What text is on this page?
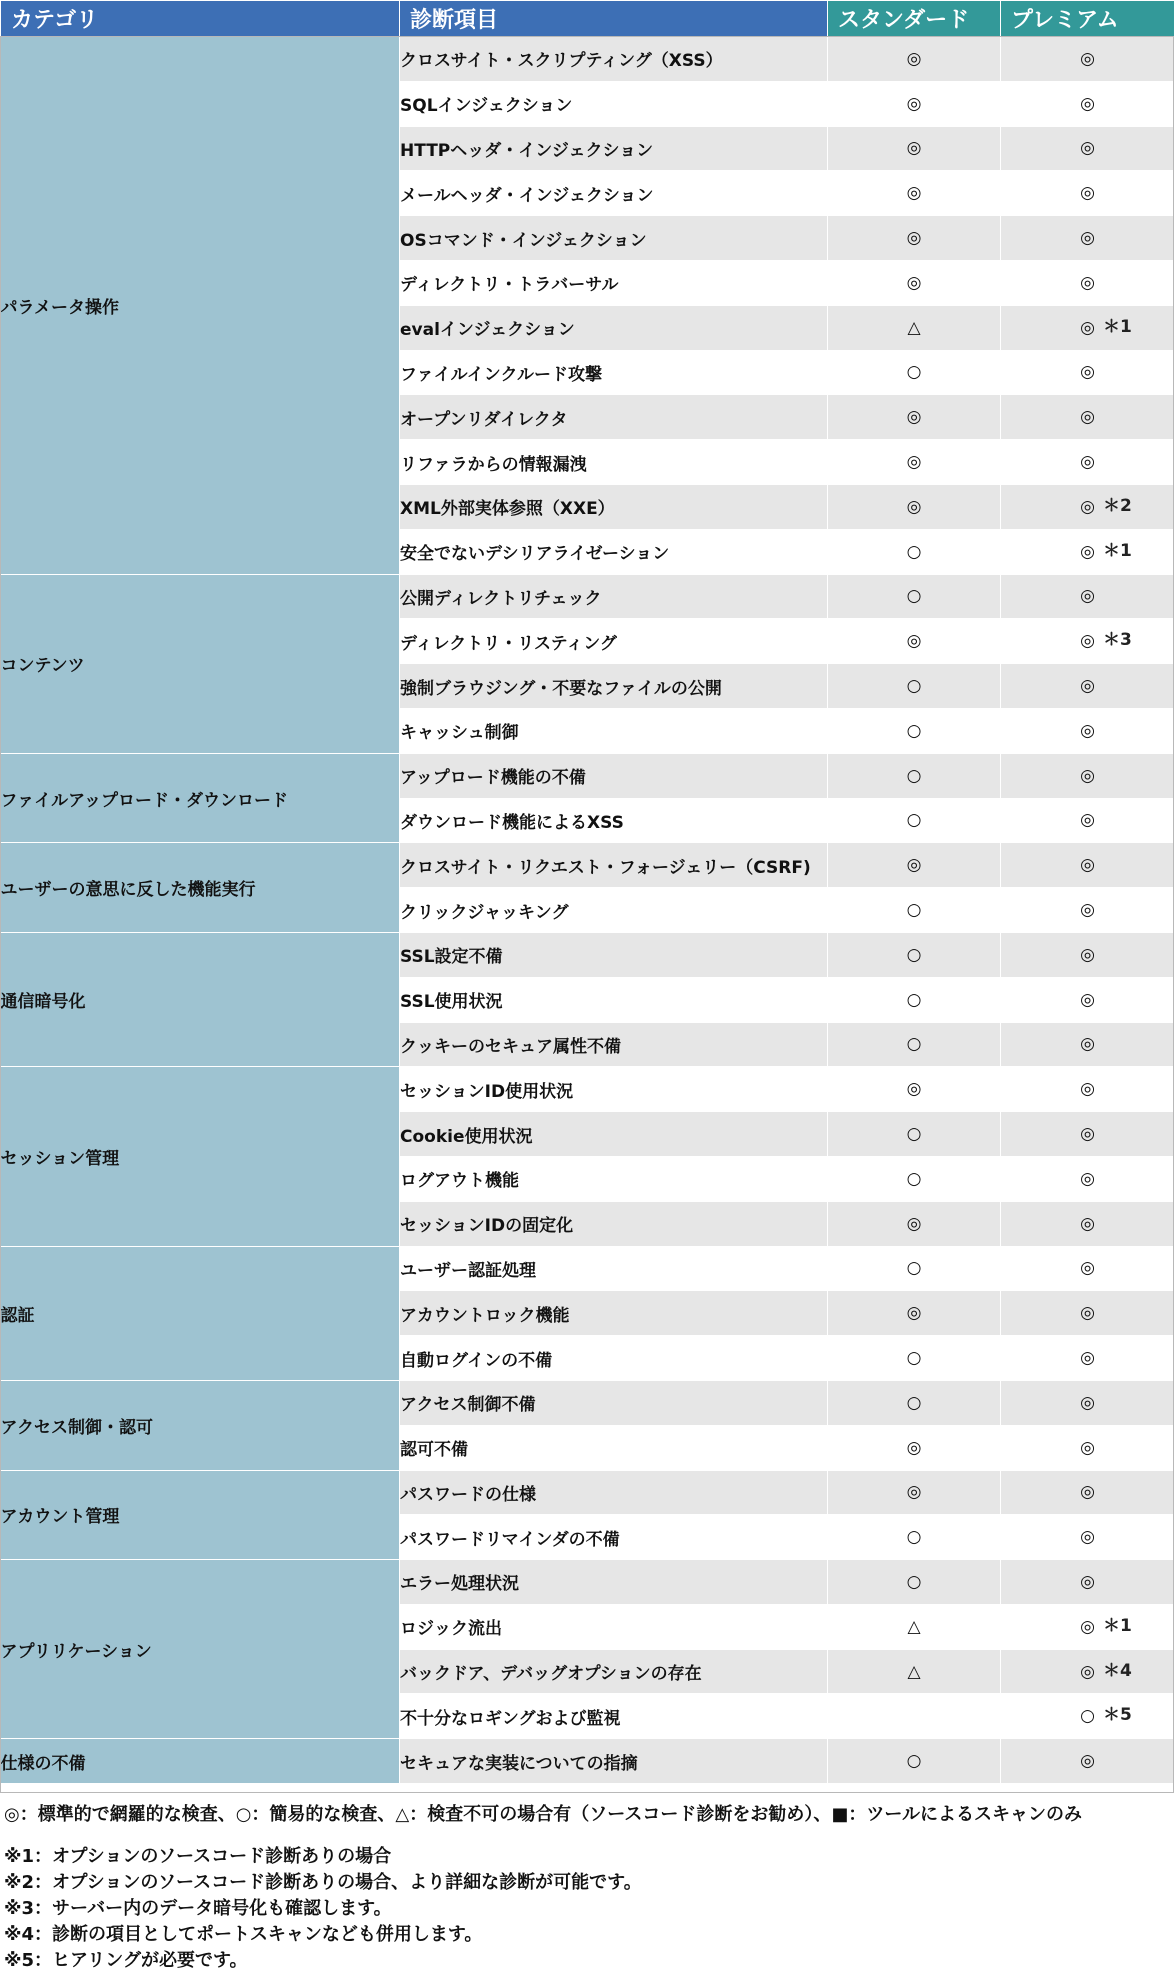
カテゴリ	診断項目	スタンダード	プレミアム
パラメータ操作	クロスサイト・スクリプティング（XSS）	◎	◎
	SQLインジェクション	◎	◎
	HTTPヘッダ・インジェクション	◎	◎
	メールヘッダ・インジェクション	◎	◎
	OSコマンド・インジェクション	◎	◎
	ディレクトリ・トラバーサル	◎	◎
	evalインジェクション	△	◎ ＊1

	ファイルインクルード攻撃	○	◎
	オープンリダイレクタ	◎	◎
	リファラからの情報漏洩	◎	◎
	XML外部実体参照（XXE）	◎	◎ ＊2

	安全でないデシリアライゼーション	○	◎ ＊1

コンテンツ	公開ディレクトリチェック	○	◎
	ディレクトリ・リスティング	◎	◎ ＊3

	強制ブラウジング・不要なファイルの公開	○	◎
	キャッシュ制御	○	◎
ファイルアップロード・ダウンロード	アップロード機能の不備	○	◎
	ダウンロード機能によるXSS	○	◎
ユーザーの意思に反した機能実行	クロスサイト・リクエスト・フォージェリー（CSRF)	◎	◎
	クリックジャッキング	○	◎
通信暗号化	SSL設定不備	○	◎
	SSL使用状況	○	◎
	クッキーのセキュア属性不備	○	◎
セッション管理	セッションID使用状況	◎	◎
	Cookie使用状況	○	◎
	ログアウト機能	○	◎
	セッションIDの固定化	◎	◎
認証	ユーザー認証処理	○	◎
	アカウントロック機能	◎	◎
	自動ログインの不備	○	◎
アクセス制御・認可	アクセス制御不備	○	◎
	認可不備	◎	◎
アカウント管理	パスワードの仕様	◎	◎
	パスワードリマインダの不備	○	◎
アプリリケーション	エラー処理状況	○	◎
	ロジック流出	△	◎ ＊1

	バックドア、デバッグオプションの存在	△	◎ ＊4

	不十分なロギングおよび監視		○ ＊5

仕様の不備	セキュアな実装についての指摘	○	◎
◎：標準的で網羅的な検査、○：簡易的な検査、△：検査不可の場合有（ソースコード診断をお勧め）、■：ツールによるスキャンのみ
※1：オプションのソースコード診断ありの場合
※2：オプションのソースコード診断ありの場合、より詳細な診断が可能です。
※3：サーバー内のデータ暗号化も確認します。
※4：診断の項目としてポートスキャンなども併用します。
※5：ヒアリングが必要です。
